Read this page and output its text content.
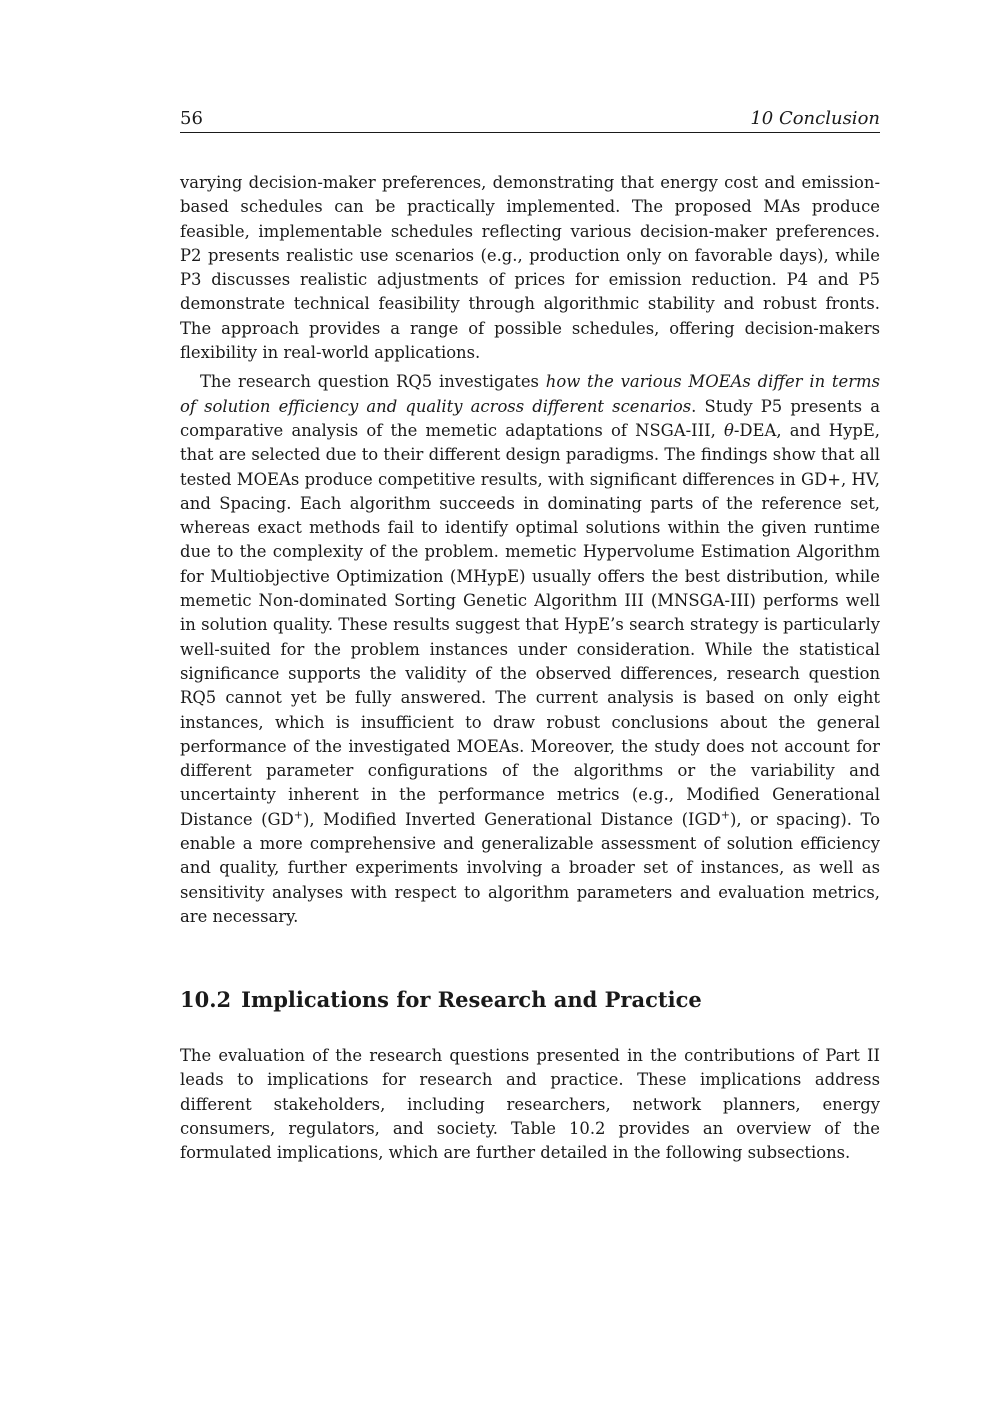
56	10 Conclusion

varying decision-maker preferences, demonstrating that energy cost and emission-based schedules can be practically implemented. The proposed MAs produce feasible, implementable schedules reflecting various decision-maker preferences. P2 presents realistic use scenarios (e.g., production only on favorable days), while P3 discusses realistic adjustments of prices for emission reduction. P4 and P5 demonstrate technical feasibility through algorithmic stability and robust fronts. The approach provides a range of possible schedules, offering decision-makers flexibility in real-world applications.

The research question RQ5 investigates how the various MOEAs differ in terms of solution efficiency and quality across different scenarios. Study P5 presents a comparative analysis of the memetic adaptations of NSGA-III, θ-DEA, and HypE, that are selected due to their different design paradigms. The findings show that all tested MOEAs produce competitive results, with significant differences in GD+, HV, and Spacing. Each algorithm succeeds in dominating parts of the reference set, whereas exact methods fail to identify optimal solutions within the given runtime due to the complexity of the problem. memetic Hypervolume Estimation Algorithm for Multiobjective Optimization (MHypE) usually offers the best distribution, while memetic Non-dominated Sorting Genetic Algorithm III (MNSGA-III) performs well in solution quality. These results suggest that HypE’s search strategy is particularly well-suited for the problem instances under consideration. While the statistical significance supports the validity of the observed differences, research question RQ5 cannot yet be fully answered. The current analysis is based on only eight instances, which is insufficient to draw robust conclusions about the general performance of the investigated MOEAs. Moreover, the study does not account for different parameter configurations of the algorithms or the variability and uncertainty inherent in the performance metrics (e.g., Modified Generational Distance (GD+), Modified Inverted Generational Distance (IGD+), or spacing). To enable a more comprehensive and generalizable assessment of solution efficiency and quality, further experiments involving a broader set of instances, as well as sensitivity analyses with respect to algorithm parameters and evaluation metrics, are necessary.

10.2 Implications for Research and Practice

The evaluation of the research questions presented in the contributions of Part II leads to implications for research and practice. These implications address different stakeholders, including researchers, network planners, energy consumers, regulators, and society. Table 10.2 provides an overview of the formulated implications, which are further detailed in the following subsections.
